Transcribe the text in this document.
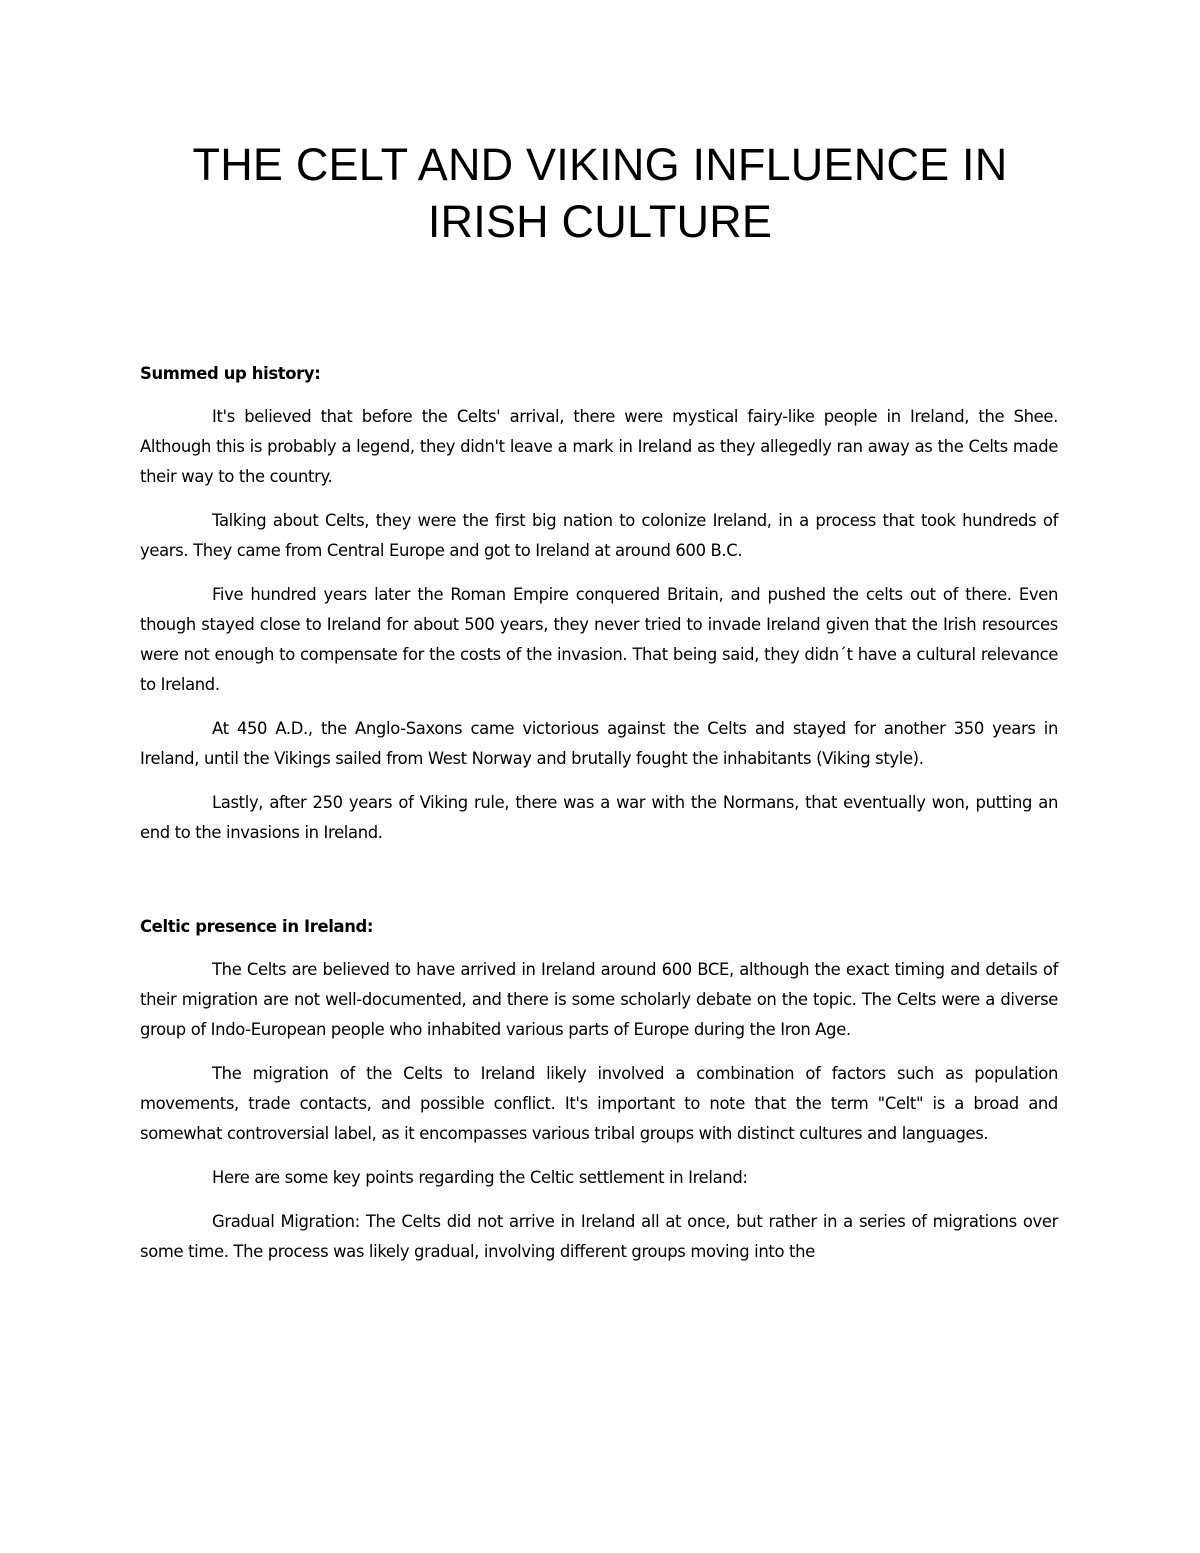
THE CELT AND VIKING INFLUENCE IN IRISH CULTURE

Summed up history:

It's believed that before the Celts' arrival, there were mystical fairy-like people in Ireland, the Shee. Although this is probably a legend, they didn't leave a mark in Ireland as they allegedly ran away as the Celts made their way to the country.

Talking about Celts, they were the first big nation to colonize Ireland, in a process that took hundreds of years. They came from Central Europe and got to Ireland at around 600 B.C.

Five hundred years later the Roman Empire conquered Britain, and pushed the celts out of there. Even though stayed close to Ireland for about 500 years, they never tried to invade Ireland given that the Irish resources were not enough to compensate for the costs of the invasion. That being said, they didn´t have a cultural relevance to Ireland.

At 450 A.D., the Anglo-Saxons came victorious against the Celts and stayed for another 350 years in Ireland, until the Vikings sailed from West Norway and brutally fought the inhabitants (Viking style).

Lastly, after 250 years of Viking rule, there was a war with the Normans, that eventually won, putting an end to the invasions in Ireland.

Celtic presence in Ireland:

The Celts are believed to have arrived in Ireland around 600 BCE, although the exact timing and details of their migration are not well-documented, and there is some scholarly debate on the topic. The Celts were a diverse group of Indo-European people who inhabited various parts of Europe during the Iron Age.

The migration of the Celts to Ireland likely involved a combination of factors such as population movements, trade contacts, and possible conflict. It's important to note that the term "Celt" is a broad and somewhat controversial label, as it encompasses various tribal groups with distinct cultures and languages.

Here are some key points regarding the Celtic settlement in Ireland:

Gradual Migration: The Celts did not arrive in Ireland all at once, but rather in a series of migrations over some time. The process was likely gradual, involving different groups moving into the
